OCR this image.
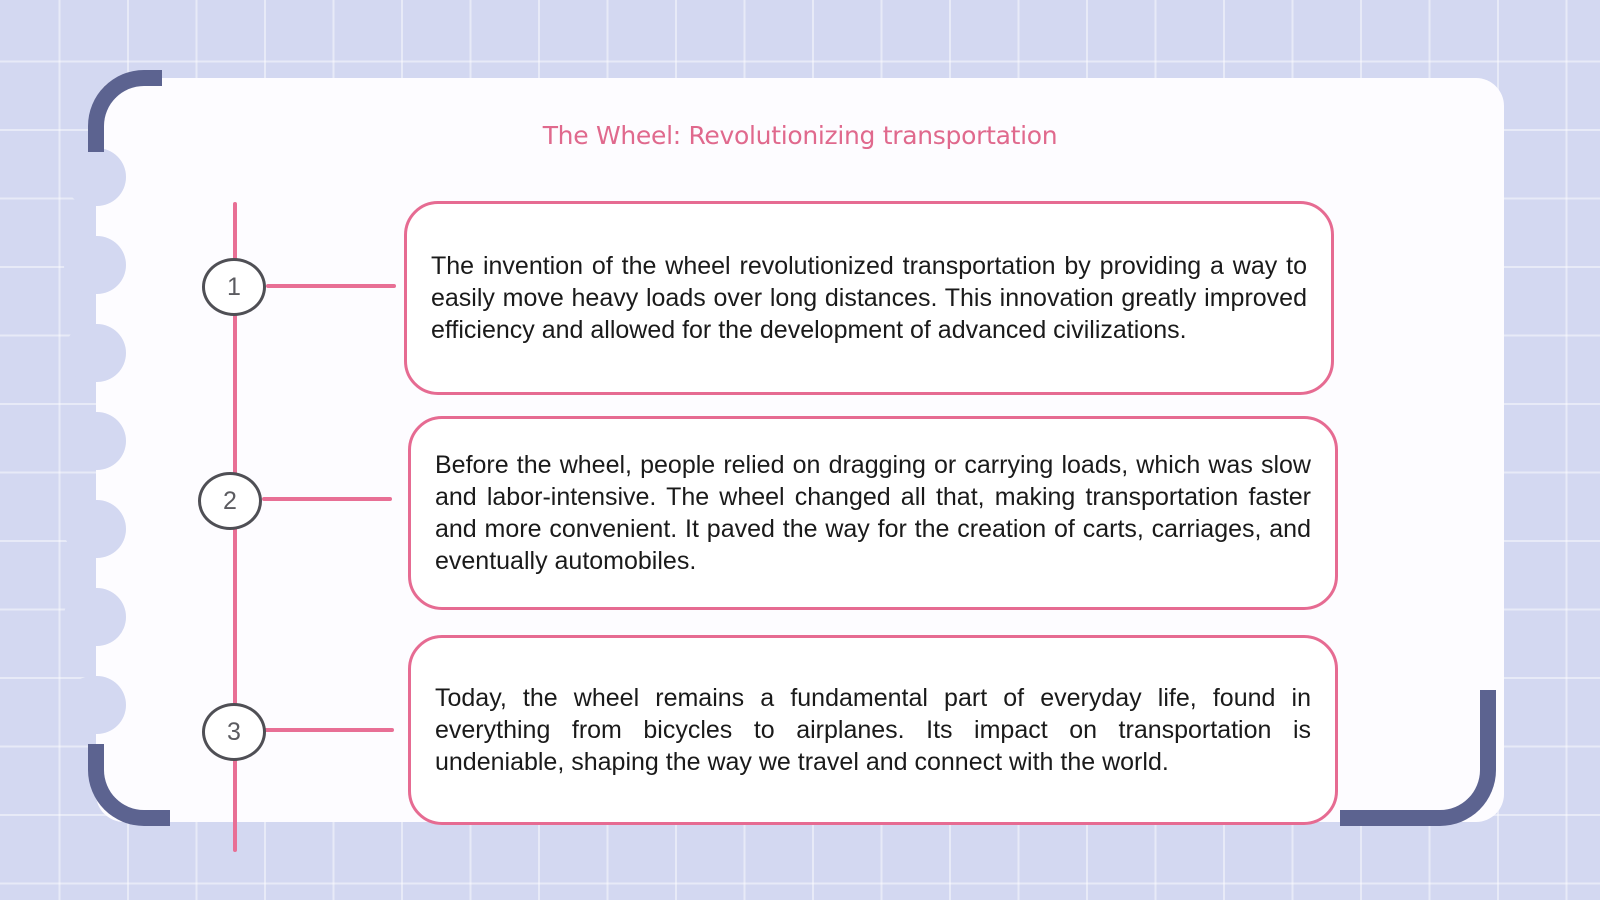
The Wheel: Revolutionizing transportation
1

The invention of the wheel revolutionized transportation by providing a way to easily move heavy loads over long distances. This innovation greatly improved efficiency and allowed for the development of advanced civilizations.

2

Before the wheel, people relied on dragging or carrying loads, which was slow and labor-intensive. The wheel changed all that, making transportation faster and more convenient. It paved the way for the creation of carts, carriages, and eventually automobiles.

3

Today, the wheel remains a fundamental part of everyday life, found in everything from bicycles to airplanes. Its impact on transportation is undeniable, shaping the way we travel and connect with the world.
